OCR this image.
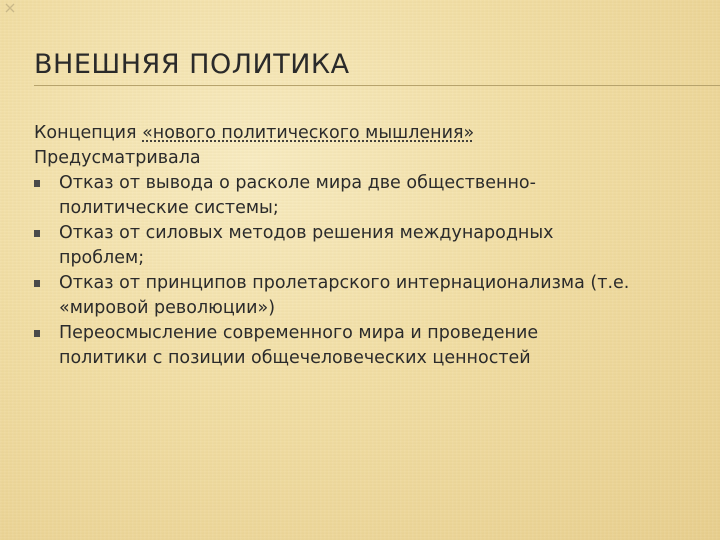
ВНЕШНЯЯ ПОЛИТИКА
Концепция «нового политического мышления»
Предусматривала
Отказ от вывода о расколе мира две общественно-
политические системы;
Отказ от силовых методов решения международных
проблем;
Отказ от принципов пролетарского интернационализма (т.е.
«мировой революции»)
Переосмысление современного мира и проведение
политики с позиции общечеловеческих ценностей
